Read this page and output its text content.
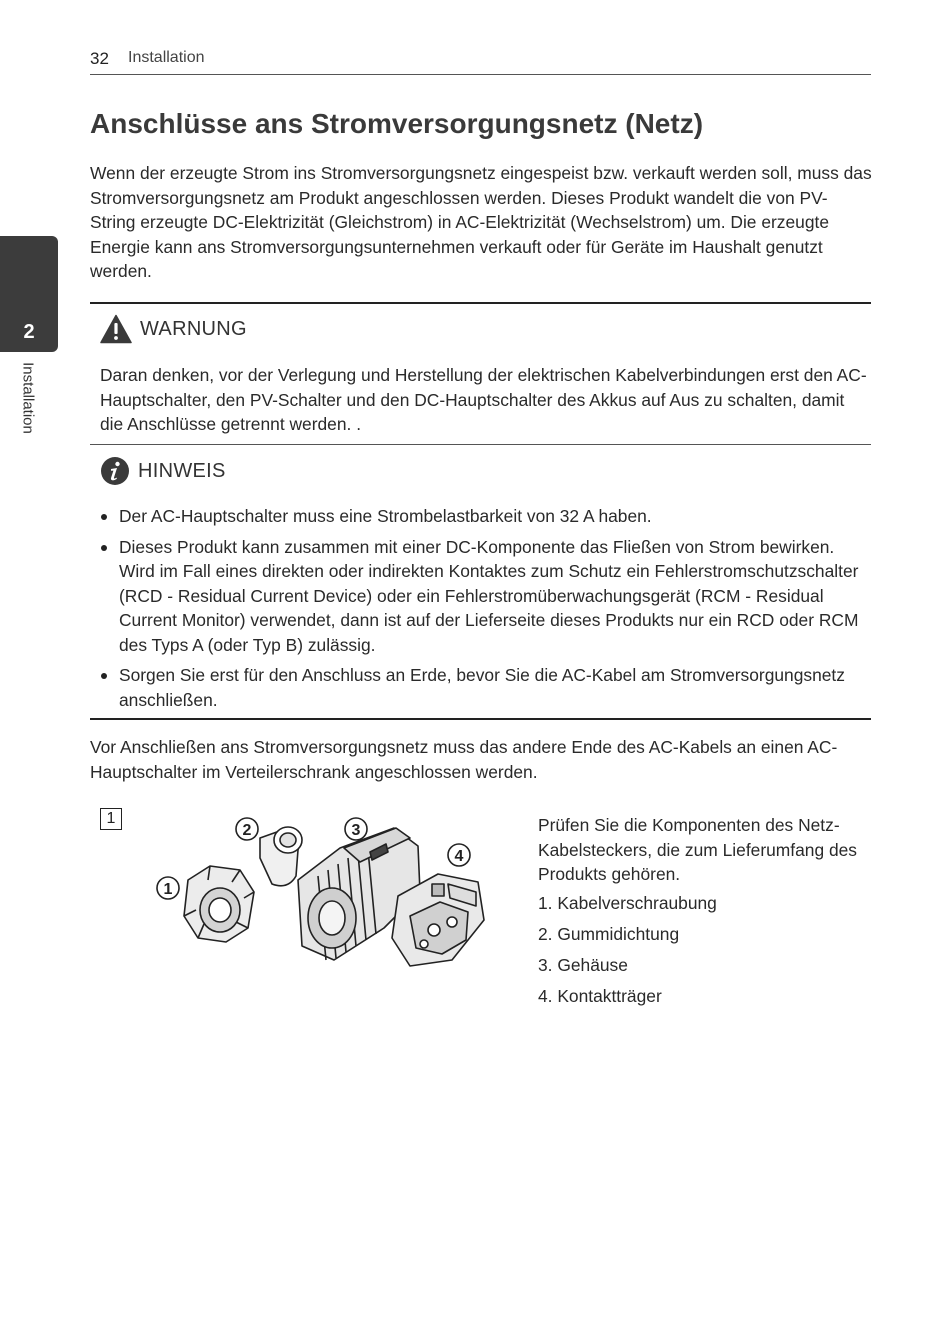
32 Installation
2
Installation
Anschlüsse ans Stromversorgungsnetz (Netz)

Wenn der erzeugte Strom ins Stromversorgungsnetz eingespeist bzw. verkauft werden soll, muss das Stromversorgungsnetz am Produkt angeschlossen werden. Dieses Produkt wandelt die von PV-String erzeugte DC-Elektrizität (Gleichstrom) in AC-Elektrizität (Wechselstrom) um. Die erzeugte Energie kann ans Stromversorgungsunternehmen verkauft oder für Geräte im Haushalt genutzt werden.

WARNUNG

Daran denken, vor der Verlegung und Herstellung der elektrischen Kabelverbindungen erst den AC-Hauptschalter, den PV-Schalter und den DC-Hauptschalter des Akkus auf Aus zu schalten, damit die Anschlüsse getrennt werden. .

HINWEIS
Der AC-Hauptschalter muss eine Strombelastbarkeit von 32 A haben.
Dieses Produkt kann zusammen mit einer DC-Komponente das Fließen von Strom bewirken. Wird im Fall eines direkten oder indirekten Kontaktes zum Schutz ein Fehlerstromschutzschalter (RCD - Residual Current Device) oder ein Fehlerstromüberwachungsgerät (RCM - Residual Current Monitor) verwendet, dann ist auf der Lieferseite dieses Produkts nur ein RCD oder RCM des Typs A (oder Typ B) zulässig.
Sorgen Sie erst für den Anschluss an Erde, bevor Sie die AC-Kabel am Stromversorgungsnetz anschließen.

Vor Anschließen ans Stromversorgungsnetz muss das andere Ende des AC-Kabels an einen AC-Hauptschalter im Verteilerschrank angeschlossen werden.

1
1
2	3
4

Prüfen Sie die Komponenten des Netz-Kabelsteckers, die zum Lieferumfang des Produkts gehören.

1. Kabelverschraubung
2. Gummidichtung
3. Gehäuse
4. Kontaktträger
